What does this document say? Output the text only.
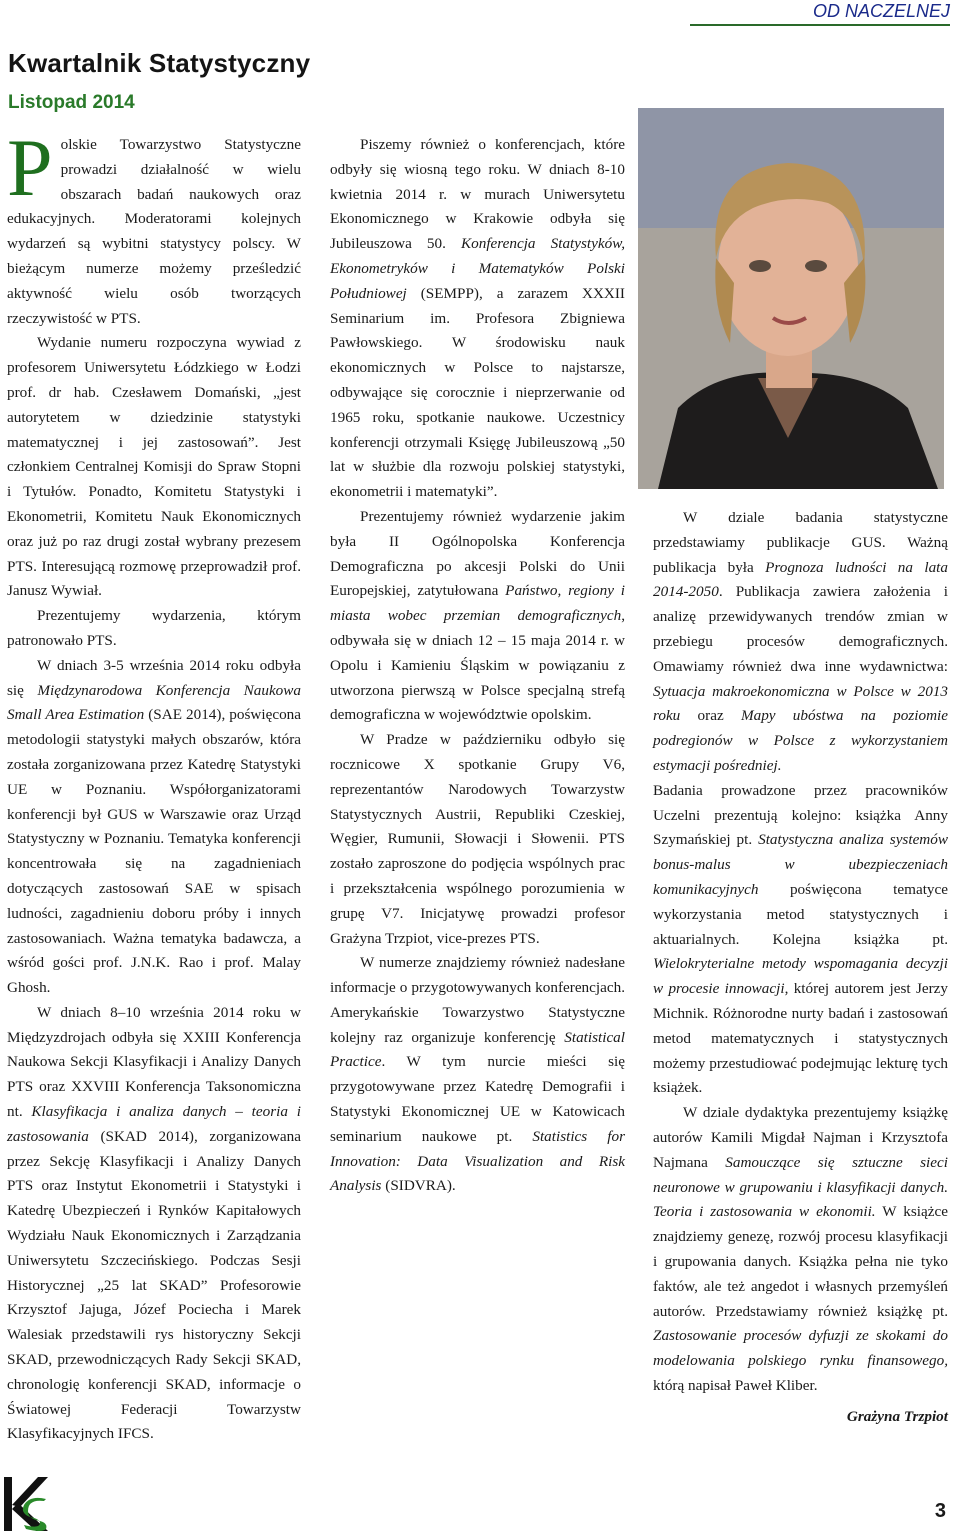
OD NACZELNEJ
Kwartalnik Statystyczny
Listopad 2014

Polskie Towarzystwo Statystyczne prowadzi działalność w wielu obszarach badań naukowych oraz edukacyjnych. Moderatorami kolejnych wydarzeń są wybitni statystycy polscy. W bieżącym numerze możemy prześledzić aktywność wielu osób tworzących rzeczywistość w PTS.

Wydanie numeru rozpoczyna wywiad z profesorem Uniwersytetu Łódzkiego w Łodzi prof. dr hab. Czesławem Domański, „jest autorytetem w dziedzinie statystyki matematycznej i jej zastosowań”. Jest członkiem Centralnej Komisji do Spraw Stopni i Tytułów. Ponadto, Komitetu Statystyki i Ekonometrii, Komitetu Nauk Ekonomicznych oraz już po raz drugi został wybrany prezesem PTS. Interesującą rozmowę przeprowadził prof. Janusz Wywiał.

Prezentujemy wydarzenia, którym patronowało PTS.

W dniach 3-5 września 2014 roku odbyła się Międzynarodowa Konferencja Naukowa Small Area Estimation (SAE 2014), poświęcona metodologii statystyki małych obszarów, która została zorganizowana przez Katedrę Statystyki UE w Poznaniu. Współorganizatorami konferencji był GUS w Warszawie oraz Urząd Statystyczny w Poznaniu. Tematyka konferencji koncentrowała się na zagadnieniach dotyczących zastosowań SAE w spisach ludności, zagadnieniu doboru próby i innych zastosowaniach. Ważna tematyka badawcza, a wśród gości prof. J.N.K. Rao i prof. Malay Ghosh.

W dniach 8–10 września 2014 roku w Międzyzdrojach odbyła się XXIII Konferencja Naukowa Sekcji Klasyfikacji i Analizy Danych PTS oraz XXVIII Konferencja Taksonomiczna nt. Klasyfikacja i analiza danych – teoria i zastosowania (SKAD 2014), zorganizowana przez Sekcję Klasyfikacji i Analizy Danych PTS oraz Instytut Ekonometrii i Statystyki i Katedrę Ubezpieczeń i Rynków Kapitałowych Wydziału Nauk Ekonomicznych i Zarządzania Uniwersytetu Szczecińskiego. Podczas Sesji Historycznej „25 lat SKAD” Profesorowie Krzysztof Jajuga, Józef Pociecha i Marek Walesiak przedstawili rys historyczny Sekcji SKAD, przewodniczących Rady Sekcji SKAD, chronologię konferencji SKAD, informacje o Światowej Federacji Towarzystw Klasyfikacyjnych IFCS.

Piszemy również o konferencjach, które odbyły się wiosną tego roku. W dniach 8-10 kwietnia 2014 r. w murach Uniwersytetu Ekonomicznego w Krakowie odbyła się Jubileuszowa 50. Konferencja Statystyków, Ekonometryków i Matematyków Polski Południowej (SEMPP), a zarazem XXXII Seminarium im. Profesora Zbigniewa Pawłowskiego. W środowisku nauk ekonomicznych w Polsce to najstarsze, odbywające się corocznie i nieprzerwanie od 1965 roku, spotkanie naukowe. Uczestnicy konferencji otrzymali Księgę Jubileuszową „50 lat w służbie dla rozwoju polskiej statystyki, ekonometrii i matematyki”.

Prezentujemy również wydarzenie jakim była II Ogólnopolska Konferencja Demograficzna po akcesji Polski do Unii Europejskiej, zatytułowana Państwo, regiony i miasta wobec przemian demograficznych, odbywała się w dniach 12 – 15 maja 2014 r. w Opolu i Kamieniu Śląskim w powiązaniu z utworzona pierwszą w Polsce specjalną strefą demograficzna w województwie opolskim.

W Pradze w październiku odbyło się rocznicowe X spotkanie Grupy V6, reprezentantów Narodowych Towarzystw Statystycznych Austrii, Republiki Czeskiej, Węgier, Rumunii, Słowacji i Słowenii. PTS zostało zaproszone do podjęcia wspólnych prac i przekształcenia wspólnego porozumienia w grupę V7. Inicjatywę prowadzi profesor Grażyna Trzpiot, vice-prezes PTS.

W numerze znajdziemy również nadesłane informacje o przygotowywanych konferencjach. Amerykańskie Towarzystwo Statystyczne kolejny raz organizuje konferencję Statistical Practice. W tym nurcie mieści się przygotowywane przez Katedrę Demografii i Statystyki Ekonomicznej UE w Katowicach seminarium naukowe pt. Statistics for Innovation: Data Visualization and Risk Analysis (SIDVRA).

W dziale badania statystyczne przedstawiamy publikacje GUS. Ważną publikacja była Prognoza ludności na lata 2014-2050. Publikacja zawiera założenia i analizę przewidywanych trendów zmian w przebiegu procesów demograficznych. Omawiamy również dwa inne wydawnictwa: Sytuacja makroekonomiczna w Polsce w 2013 roku oraz Mapy ubóstwa na poziomie podregionów w Polsce z wykorzystaniem estymacji pośredniej.

Badania prowadzone przez pracowników Uczelni prezentują kolejno: książka Anny Szymańskiej pt. Statystyczna analiza systemów bonus-malus w ubezpieczeniach komunikacyjnych poświęcona tematyce wykorzystania metod statystycznych i aktuarialnych. Kolejna książka pt. Wielokryterialne metody wspomagania decyzji w procesie innowacji, której autorem jest Jerzy Michnik. Różnorodne nurty badań i zastosowań metod matematycznych i statystycznych możemy przestudiować podejmując lekturę tych książek.

W dziale dydaktyka prezentujemy książkę autorów Kamili Migdał Najman i Krzysztofa Najmana Samouczące się sztuczne sieci neuronowe w grupowaniu i klasyfikacji danych. Teoria i zastosowania w ekonomii. W książce znajdziemy genezę, rozwój procesu klasyfikacji i grupowania danych. Książka pełna nie tyko faktów, ale też angedot i własnych przemyśleń autorów. Przedstawiamy również książkę pt. Zastosowanie procesów dyfuzji ze skokami do modelowania polskiego rynku finansowego, którą napisał Paweł Kliber.

Grażyna Trzpiot

3
